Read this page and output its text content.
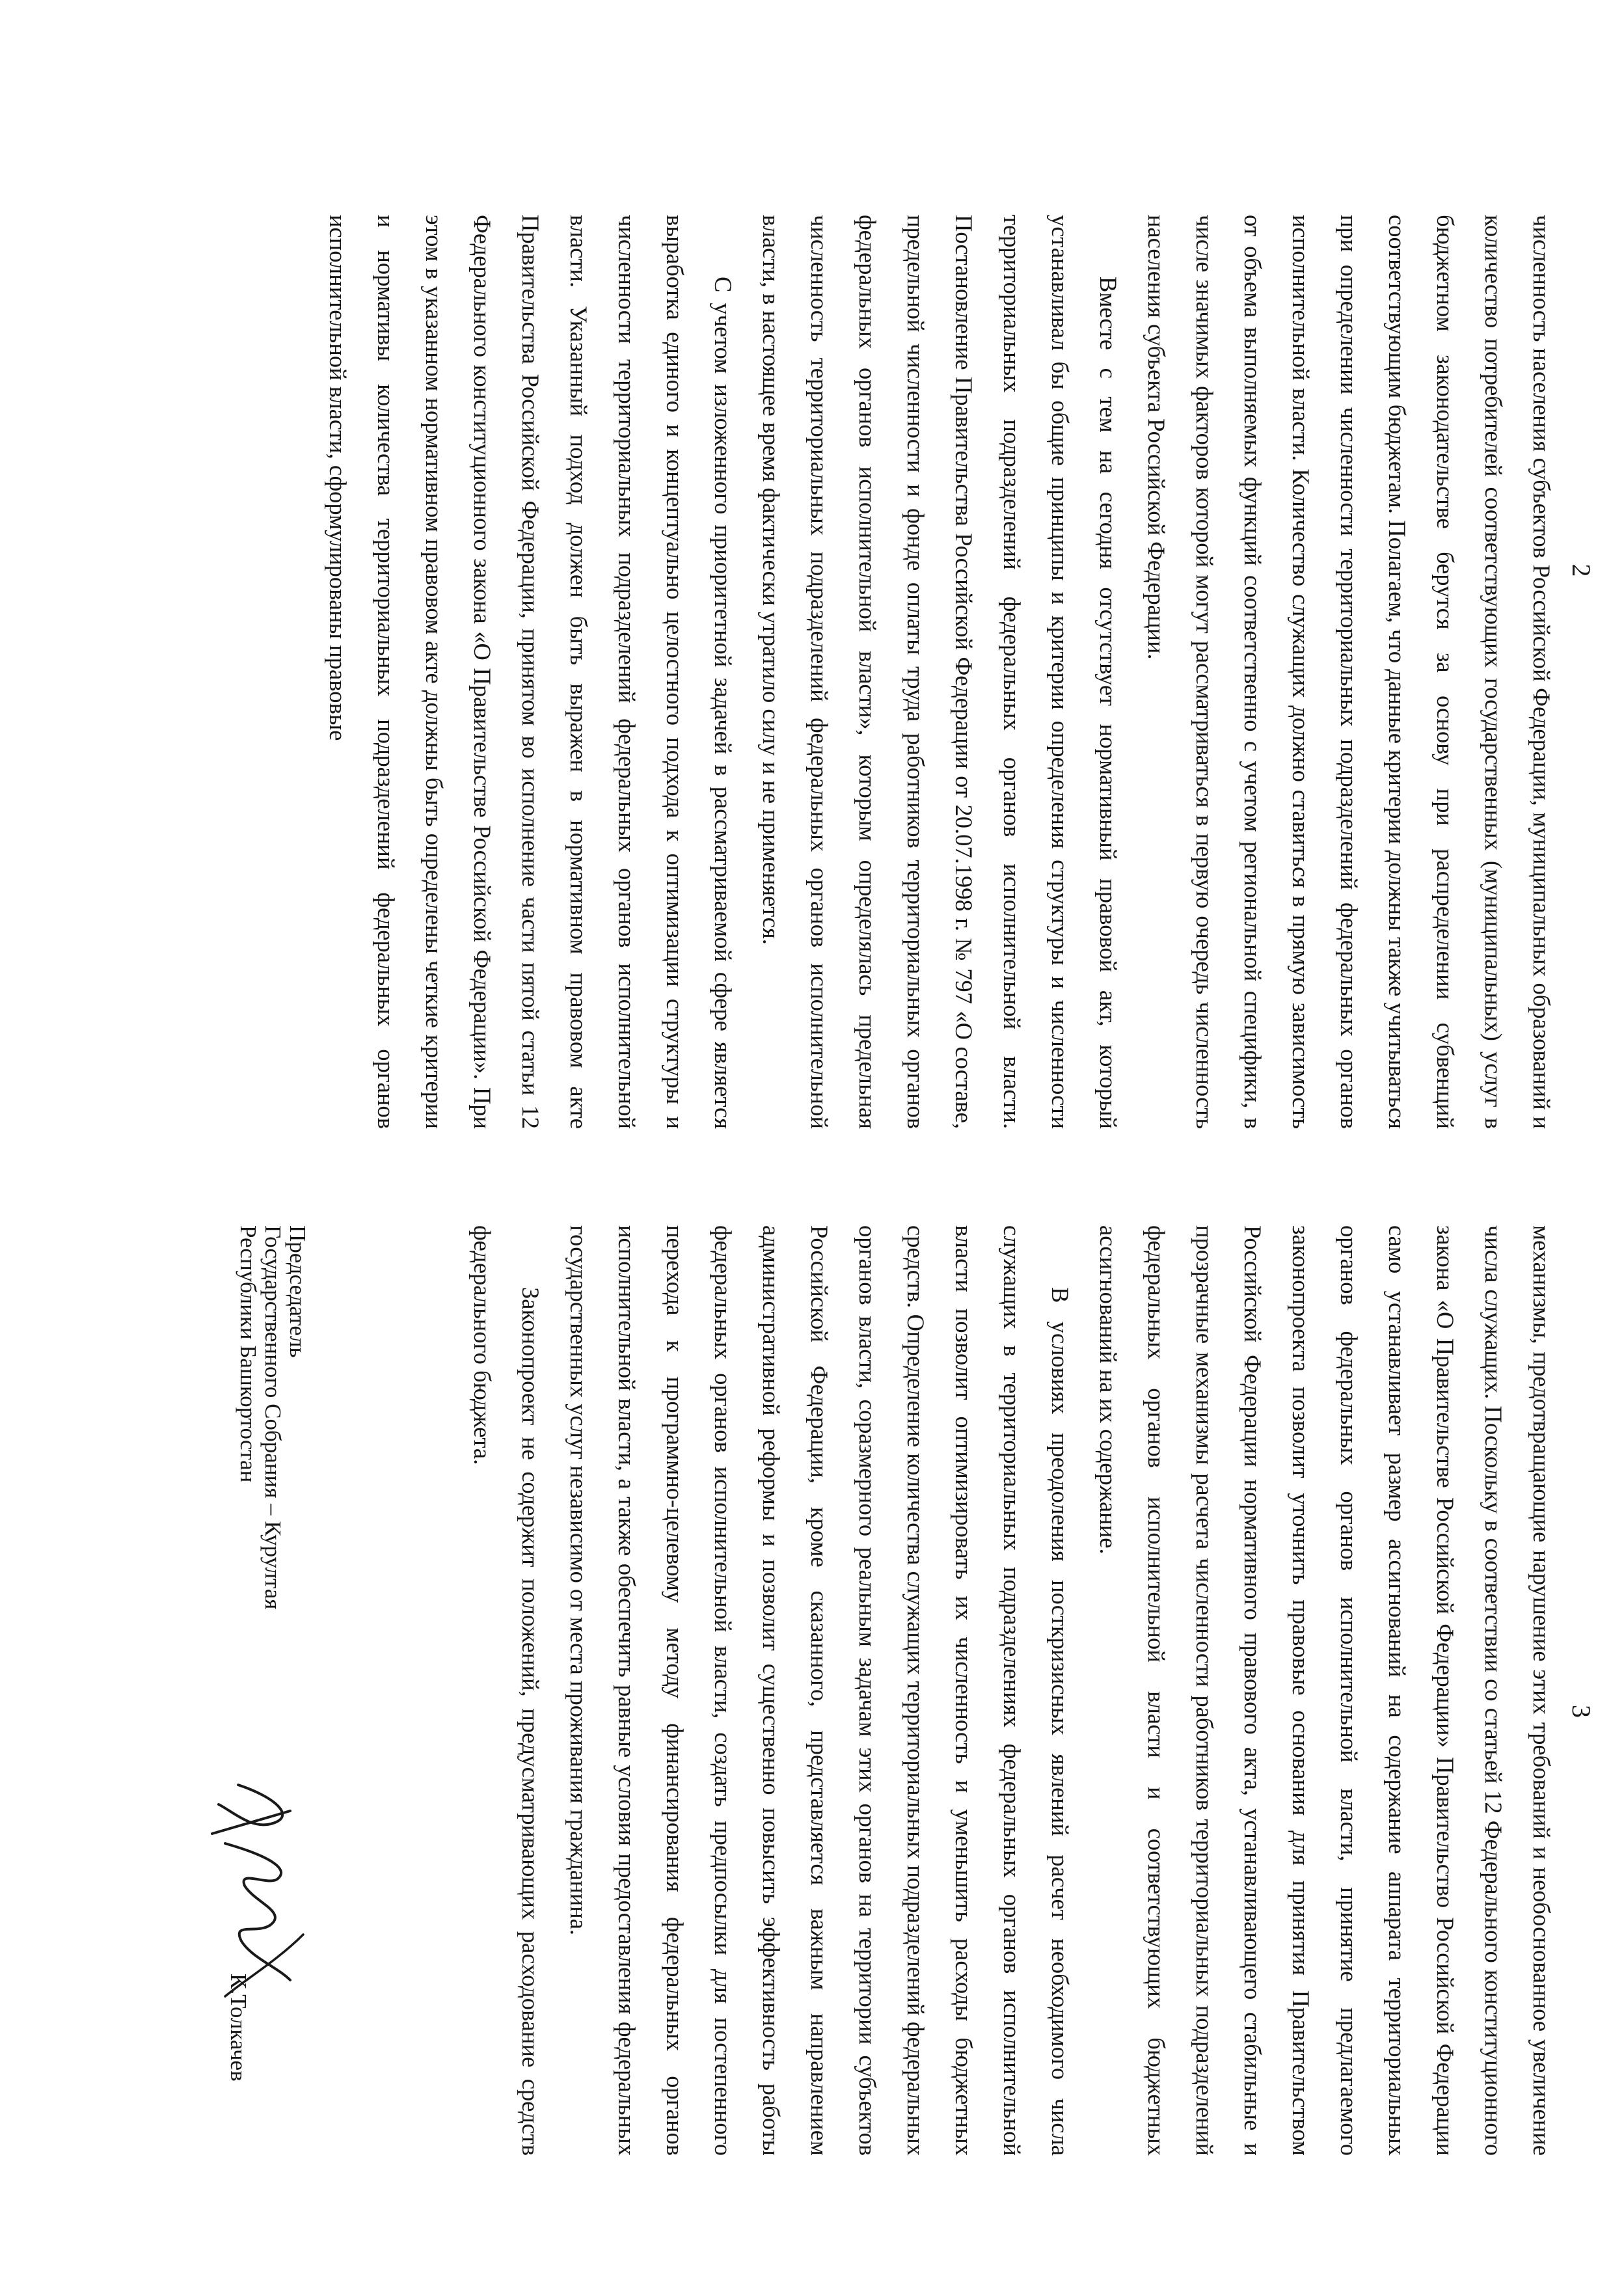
2

численность населения субъектов Российской Федерации, муниципальных образований и количество потребителей соответствующих государственных (муниципальных) услуг в бюджетном законодательстве берутся за основу при распределении субвенций соответствующим бюджетам. Полагаем, что данные критерии должны также учитываться при определении численности территориальных подразделений федеральных органов исполнительной власти. Количество служащих должно ставиться в прямую зависимость от объема выполняемых функций соответственно с учетом региональной специфики, в числе значимых факторов которой могут рассматриваться в первую очередь численность населения субъекта Российской Федерации.

Вместе с тем на сегодня отсутствует нормативный правовой акт, который устанавливал бы общие принципы и критерии определения структуры и численности территориальных подразделений федеральных органов исполнительной власти. Постановление Правительства Российской Федерации от 20.07.1998 г. № 797 «О составе, предельной численности и фонде оплаты труда работников территориальных органов федеральных органов исполнительной власти», которым определялась предельная численность территориальных подразделений федеральных органов исполнительной власти, в настоящее время фактически утратило силу и не применяется.

С учетом изложенного приоритетной задачей в рассматриваемой сфере является выработка единого и концептуально целостного подхода к оптимизации структуры и численности территориальных подразделений федеральных органов исполнительной власти. Указанный подход должен быть выражен в нормативном правовом акте Правительства Российской Федерации, принятом во исполнение части пятой статьи 12 Федерального конституционного закона «О Правительстве Российской Федерации». При этом в указанном нормативном правовом акте должны быть определены четкие критерии и нормативы количества территориальных подразделений федеральных органов исполнительной власти, сформулированы правовые

3

механизмы, предотвращающие нарушение этих требований и необоснованное увеличение числа служащих. Поскольку в соответствии со статьей 12 Федерального конституционного закона «О Правительстве Российской Федерации» Правительство Российской Федерации само устанавливает размер ассигнований на содержание аппарата территориальных органов федеральных органов исполнительной власти, принятие предлагаемого законопроекта позволит уточнить правовые основания для принятия Правительством Российской Федерации нормативного правового акта, устанавливающего стабильные и прозрачные механизмы расчета численности работников территориальных подразделений федеральных органов исполнительной власти и соответствующих бюджетных ассигнований на их содержание.

В условиях преодоления посткризисных явлений расчет необходимого числа служащих в территориальных подразделениях федеральных органов исполнительной власти позволит оптимизировать их численность и уменьшить расходы бюджетных средств. Определение количества служащих территориальных подразделений федеральных органов власти, соразмерного реальным задачам этих органов на территории субъектов Российской Федерации, кроме сказанного, представляется важным направлением административной реформы и позволит существенно повысить эффективность работы федеральных органов исполнительной власти, создать предпосылки для постепенного перехода к программно-целевому методу финансирования федеральных органов исполнительной власти, а также обеспечить равные условия предоставления федеральных государственных услуг независимо от места проживания гражданина.

Законопроект не содержит положений, предусматривающих расходование средств федерального бюджета.

Председатель
Государственного Собрания – Курултая
Республики Башкортостан
К.Толкачев
